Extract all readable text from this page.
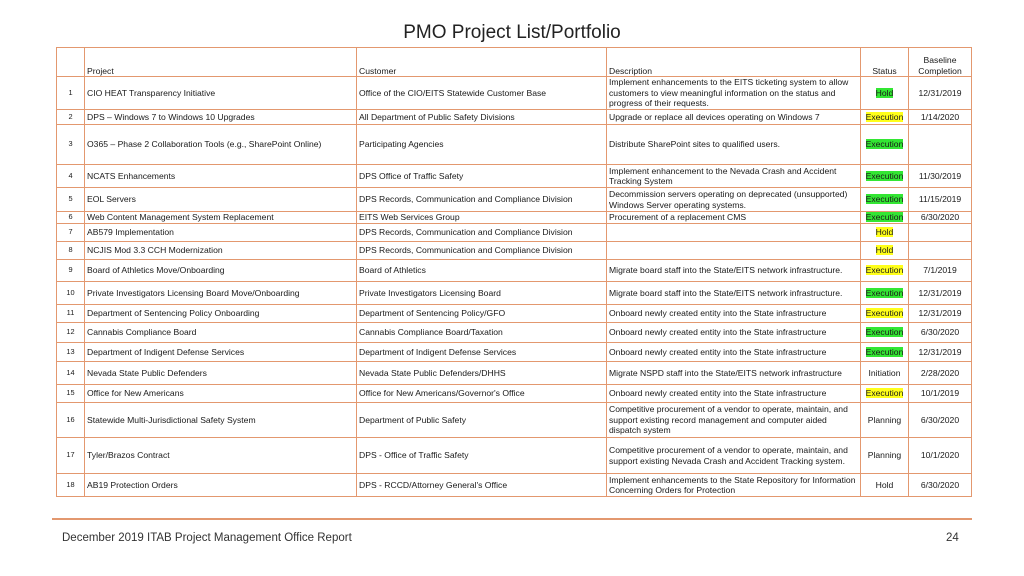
PMO Project List/Portfolio
	Project	Customer	Description	Status	Baseline Completion
1	CIO HEAT Transparency Initiative	Office of the CIO/EITS Statewide Customer Base	Implement enhancements to the EITS ticketing system to allow customers to view meaningful information on the status and progress of their requests.	Hold	12/31/2019
2	DPS – Windows 7 to Windows 10 Upgrades	All Department of Public Safety Divisions	Upgrade or replace all devices operating on Windows 7	Execution	1/14/2020
3	O365 – Phase 2 Collaboration Tools (e.g., SharePoint Online)	Participating Agencies	Distribute SharePoint sites to qualified users.	Execution	
4	NCATS Enhancements	DPS Office of Traffic Safety	Implement enhancement to the Nevada Crash and Accident Tracking System	Execution	11/30/2019
5	EOL Servers	DPS Records, Communication and Compliance Division	Decommission servers operating on deprecated (unsupported) Windows Server operating systems.	Execution	11/15/2019
6	Web Content Management System Replacement	EITS Web Services Group	Procurement of a replacement CMS	Execution	6/30/2020
7	AB579 Implementation	DPS Records, Communication and Compliance Division		Hold	
8	NCJIS Mod 3.3 CCH Modernization	DPS Records, Communication and Compliance Division		Hold	
9	Board of Athletics Move/Onboarding	Board of Athletics	Migrate board staff into the State/EITS network infrastructure.	Execution	7/1/2019
10	Private Investigators Licensing Board Move/Onboarding	Private Investigators Licensing Board	Migrate board staff into the State/EITS network infrastructure.	Execution	12/31/2019
11	Department of Sentencing Policy Onboarding	Department of Sentencing Policy/GFO	Onboard newly created entity into the State infrastructure	Execution	12/31/2019
12	Cannabis Compliance Board	Cannabis Compliance Board/Taxation	Onboard newly created entity into the State infrastructure	Execution	6/30/2020
13	Department of Indigent Defense Services	Department of Indigent Defense Services	Onboard newly created entity into the State infrastructure	Execution	12/31/2019
14	Nevada State Public Defenders	Nevada State Public Defenders/DHHS	Migrate NSPD staff into the State/EITS network infrastructure	Initiation	2/28/2020
15	Office for New Americans	Office for New Americans/Governor's Office	Onboard newly created entity into the State infrastructure	Execution	10/1/2019
16	Statewide Multi-Jurisdictional Safety System	Department of Public Safety	Competitive procurement of a vendor to operate, maintain, and support existing record management and computer aided dispatch system	Planning	6/30/2020
17	Tyler/Brazos Contract	DPS - Office of Traffic Safety	Competitive procurement of a vendor to operate, maintain, and support existing Nevada Crash and Accident Tracking system.	Planning	10/1/2020
18	AB19 Protection Orders	DPS - RCCD/Attorney General's Office	Implement enhancements to the State Repository for Information Concerning Orders for Protection	Hold	6/30/2020
December 2019 ITAB Project Management Office Report	24
